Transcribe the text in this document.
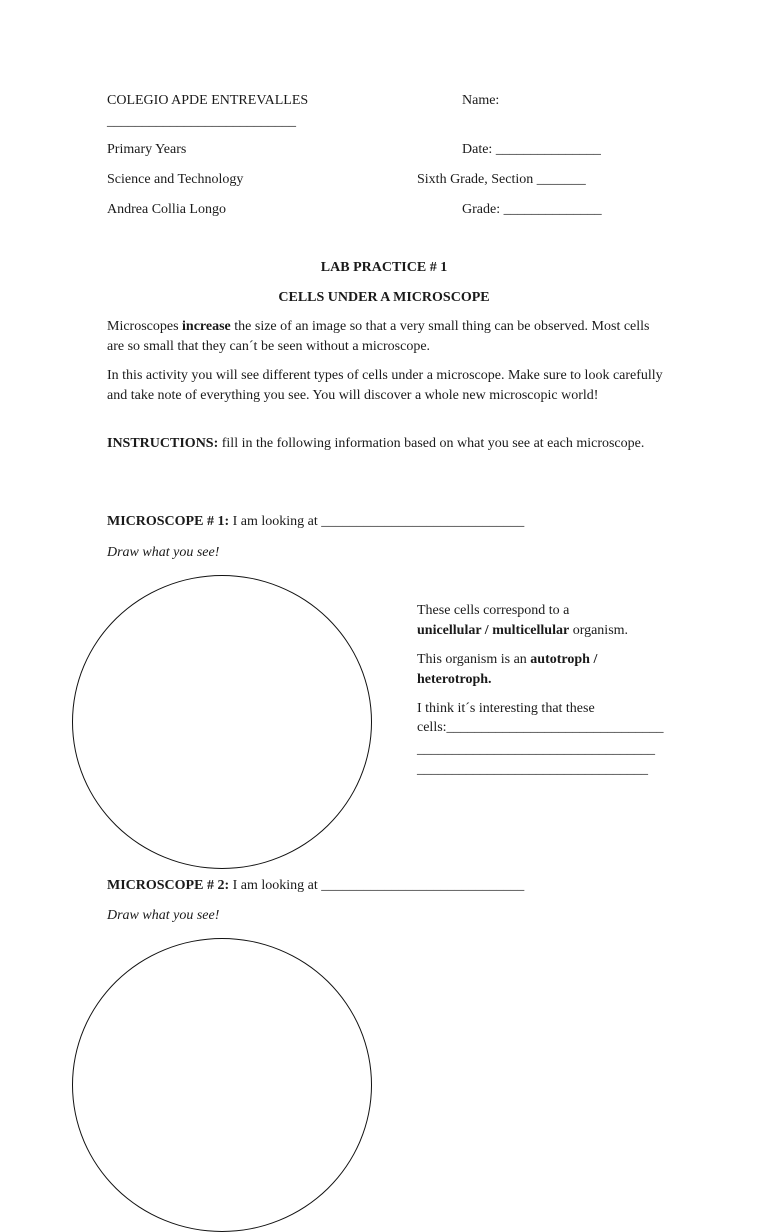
COLEGIO APDE ENTREVALLES	Name:
___________________________
Primary Years	Date: _______________
Science and Technology	Sixth Grade, Section _______
Andrea Collia Longo	Grade: ______________
LAB PRACTICE # 1
CELLS UNDER A MICROSCOPE
Microscopes increase the size of an image so that a very small thing can be observed. Most cells are so small that they can´t be seen without a microscope.
In this activity you will see different types of cells under a microscope. Make sure to look carefully and take note of everything you see. You will discover a whole new microscopic world!
INSTRUCTIONS: fill in the following information based on what you see at each microscope.
MICROSCOPE # 1: I am looking at _____________________________
Draw what you see!
These cells correspond to a
unicellular / multicellular organism.
This organism is an autotroph /
heterotroph.
I think it´s interesting that these
cells:_______________________________
__________________________________
_________________________________
MICROSCOPE # 2: I am looking at _____________________________
Draw what you see!
